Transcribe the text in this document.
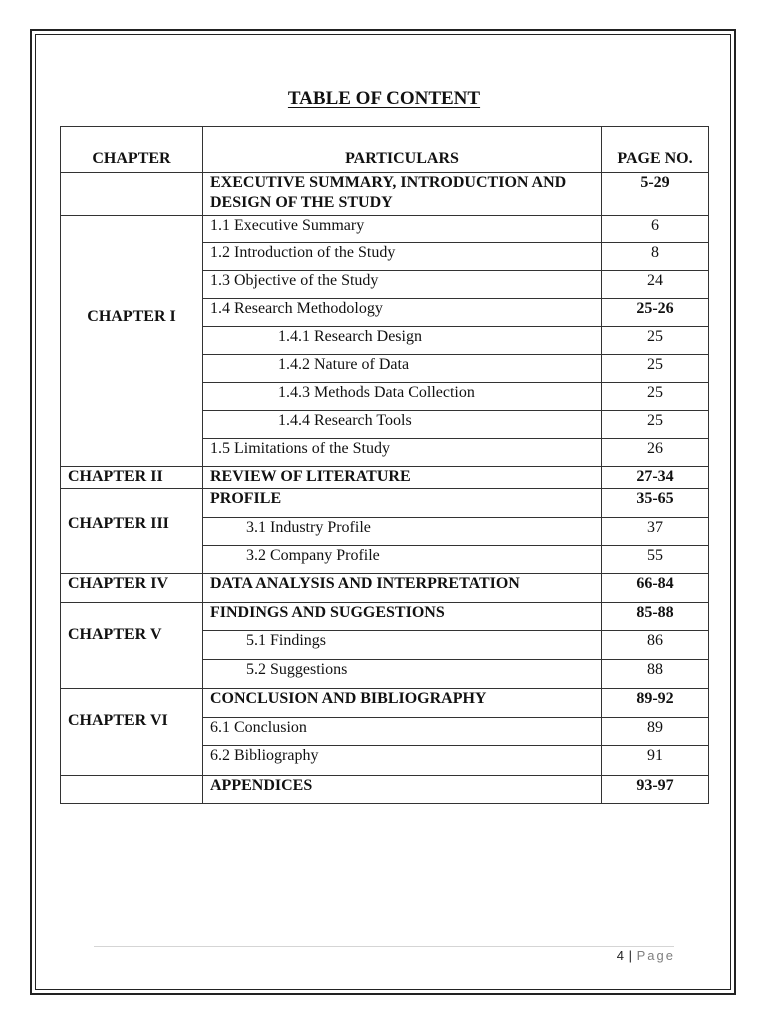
TABLE OF CONTENT
CHAPTER	PARTICULARS	PAGE NO.
	EXECUTIVE SUMMARY, INTRODUCTION AND DESIGN OF THE STUDY	5-29
CHAPTER I	1.1 Executive Summary	6
	1.2 Introduction of the Study	8
	1.3 Objective of the Study	24
	1.4 Research Methodology	25-26
	1.4.1 Research Design	25
	1.4.2 Nature of Data	25
	1.4.3 Methods Data Collection	25
	1.4.4 Research Tools	25
	1.5 Limitations of the Study	26
CHAPTER II	REVIEW OF LITERATURE	27-34
CHAPTER III	PROFILE	35-65
	3.1 Industry Profile	37
	3.2 Company Profile	55
CHAPTER IV	DATA ANALYSIS AND INTERPRETATION	66-84
CHAPTER V	FINDINGS AND SUGGESTIONS	85-88
	5.1 Findings	86
	5.2 Suggestions	88
CHAPTER VI	CONCLUSION AND BIBLIOGRAPHY	89-92
	6.1 Conclusion	89
	6.2 Bibliography	91
	APPENDICES	93-97
4 | Page
